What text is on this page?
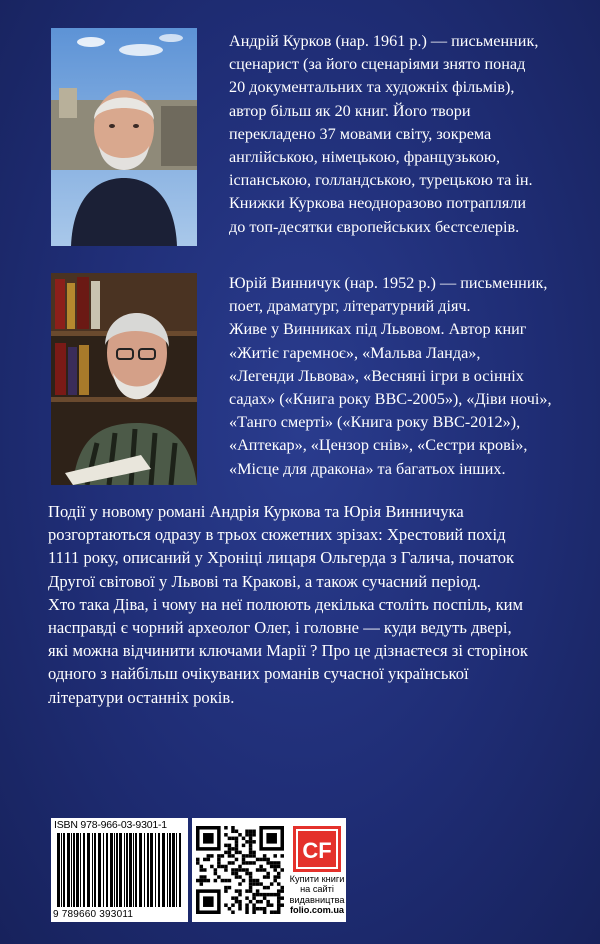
Андрій Курков (нар. 1961 р.) — письменник,
сценарист (за його сценаріями знято понад
20 документальних та художніх фільмів),
автор більш як 20 книг. Його твори
перекладено 37 мовами світу, зокрема
англійською, німецькою, французькою,
іспанською, голландською, турецькою та ін.
Книжки Куркова неодноразово потрапляли
до топ-десятки європейських бестселерів.

Юрій Винничук (нар. 1952 р.) — письменник,
поет, драматург, літературний діяч.
Живе у Винниках під Львовом. Автор книг
«Житіє гаремноє», «Мальва Ланда»,
«Легенди Львова», «Весняні ігри в осінніх
садах» («Книга року BBC-2005»), «Діви ночі»,
«Танго смерті» («Книга року BBC-2012»),
«Аптекар», «Цензор снів», «Сестри крові»,
«Місце для дракона» та багатьох інших.

Події у новому романі Андрія Куркова та Юрія Винничука
розгортаються одразу в трьох сюжетних зрізах: Хрестовий похід
1111 року, описаний у Хроніці лицаря Ольгерда з Галича, початок
Другої світової у Львові та Кракові, а також сучасний період.
Хто така Діва, і чому на неї полюють декілька століть поспіль, ким
насправді є чорний археолог Олег, і головне — куди ведуть двері,
які можна відчинити ключами Марії ? Про це дізнаєтеся зі сторінок
одного з найбільш очікуваних романів сучасної української
літератури останніх років.

ISBN 978-966-03-9301-1
9 789660 393011
CF
Купити книги
на сайті
видавництва
folio.com.ua
